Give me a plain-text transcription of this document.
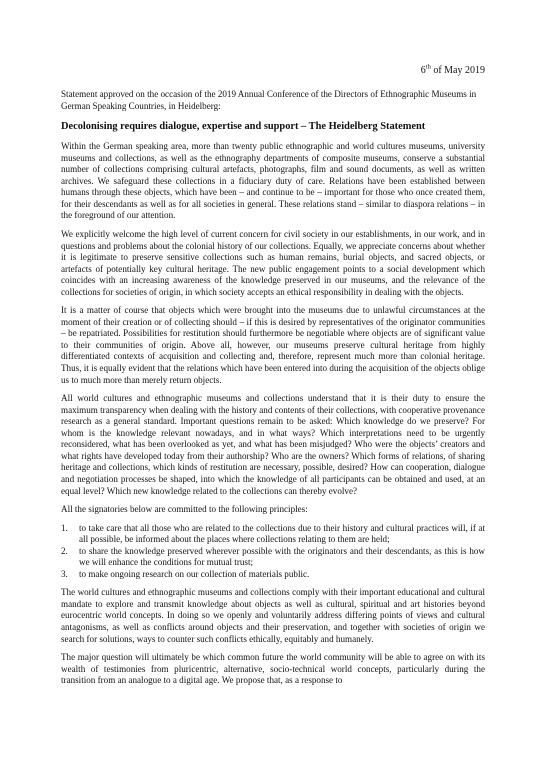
6th of May 2019

Statement approved on the occasion of the 2019 Annual Conference of the Directors of Ethnographic Museums in German Speaking Countries, in Heidelberg:

Decolonising requires dialogue, expertise and support – The Heidelberg Statement

Within the German speaking area, more than twenty public ethnographic and world cultures museums, university museums and collections, as well as the ethnography departments of composite museums, conserve a substantial number of collections comprising cultural artefacts, photographs, film and sound documents, as well as written archives. We safeguard these collections in a fiduciary duty of care. Relations have been established between humans through these objects, which have been – and continue to be – important for those who once created them, for their descendants as well as for all societies in general. These relations stand – similar to diaspora relations – in the foreground of our attention.

We explicitly welcome the high level of current concern for civil society in our establishments, in our work, and in questions and problems about the colonial history of our collections. Equally, we appreciate concerns about whether it is legitimate to preserve sensitive collections such as human remains, burial objects, and sacred objects, or artefacts of potentially key cultural heritage. The new public engagement points to a social development which coincides with an increasing awareness of the knowledge preserved in our museums, and the relevance of the collections for societies of origin, in which society accepts an ethical responsibility in dealing with the objects.

It is a matter of course that objects which were brought into the museums due to unlawful circumstances at the moment of their creation or of collecting should – if this is desired by representatives of the originator communities – be repatriated. Possibilities for restitution should furthermore be negotiable where objects are of significant value to their communities of origin. Above all, however, our museums preserve cultural heritage from highly differentiated contexts of acquisition and collecting and, therefore, represent much more than colonial heritage. Thus, it is equally evident that the relations which have been entered into during the acquisition of the objects oblige us to much more than merely return objects.

All world cultures and ethnographic museums and collections understand that it is their duty to ensure the maximum transparency when dealing with the history and contents of their collections, with cooperative provenance research as a general standard. Important questions remain to be asked: Which knowledge do we preserve? For whom is the knowledge relevant nowadays, and in what ways? Which interpretations need to be urgently reconsidered, what has been overlooked as yet, and what has been misjudged? Who were the objects’ creators and what rights have developed today from their authorship? Who are the owners? Which forms of relations, of sharing heritage and collections, which kinds of restitution are necessary, possible, desired? How can cooperation, dialogue and negotiation processes be shaped, into which the knowledge of all participants can be obtained and used, at an equal level? Which new knowledge related to the collections can thereby evolve?

All the signatories below are committed to the following principles:

1. to take care that all those who are related to the collections due to their history and cultural practices will, if at all possible, be informed about the places where collections relating to them are held;
2. to share the knowledge preserved wherever possible with the originators and their descendants, as this is how we will enhance the conditions for mutual trust;
3. to make ongoing research on our collection of materials public.

The world cultures and ethnographic museums and collections comply with their important educational and cultural mandate to explore and transmit knowledge about objects as well as cultural, spiritual and art histories beyond eurocentric world concepts. In doing so we openly and voluntarily address differing points of views and cultural antagonisms, as well as conflicts around objects and their preservation, and together with societies of origin we search for solutions, ways to counter such conflicts ethically, equitably and humanely.

The major question will ultimately be which common future the world community will be able to agree on with its wealth of testimonies from pluricentric, alternative, socio-technical world concepts, particularly during the transition from an analogue to a digital age. We propose that, as a response to
